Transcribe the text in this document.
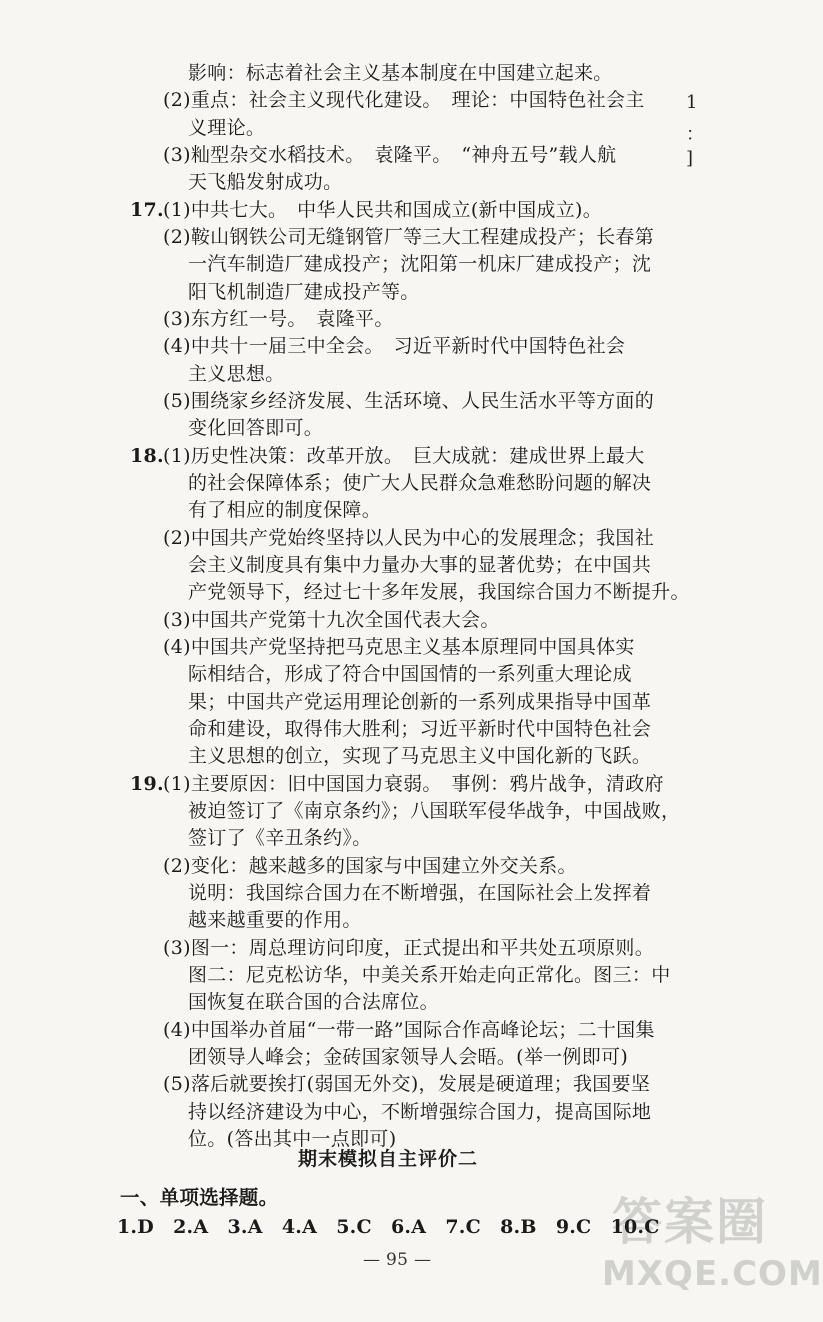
影响：标志着社会主义基本制度在中国建立起来。
(2)重点：社会主义现代化建设。　理论：中国特色社会主
义理论。
(3)籼型杂交水稻技术。　袁隆平。　“神舟五号”载人航
天飞船发射成功。
17. (1)中共七大。　中华人民共和国成立(新中国成立)。
(2)鞍山钢铁公司无缝钢管厂等三大工程建成投产；长春第
一汽车制造厂建成投产；沈阳第一机床厂建成投产；沈
阳飞机制造厂建成投产等。
(3)东方红一号。　袁隆平。
(4)中共十一届三中全会。　习近平新时代中国特色社会
主义思想。
(5)围绕家乡经济发展、生活环境、人民生活水平等方面的
变化回答即可。
18. (1)历史性决策：改革开放。　巨大成就：建成世界上最大
的社会保障体系；使广大人民群众急难愁盼问题的解决
有了相应的制度保障。
(2)中国共产党始终坚持以人民为中心的发展理念；我国社
会主义制度具有集中力量办大事的显著优势；在中国共
产党领导下，经过七十多年发展，我国综合国力不断提升。
(3)中国共产党第十九次全国代表大会。
(4)中国共产党坚持把马克思主义基本原理同中国具体实
际相结合，形成了符合中国国情的一系列重大理论成
果；中国共产党运用理论创新的一系列成果指导中国革
命和建设，取得伟大胜利；习近平新时代中国特色社会
主义思想的创立，实现了马克思主义中国化新的飞跃。
19. (1)主要原因：旧中国国力衰弱。　事例：鸦片战争，清政府
被迫签订了《南京条约》；八国联军侵华战争，中国战败，
签订了《辛丑条约》。
(2)变化：越来越多的国家与中国建立外交关系。
说明：我国综合国力在不断增强，在国际社会上发挥着
越来越重要的作用。
(3)图一：周总理访问印度，正式提出和平共处五项原则。
图二：尼克松访华，中美关系开始走向正常化。图三：中
国恢复在联合国的合法席位。
(4)中国举办首届“一带一路”国际合作高峰论坛；二十国集
团领导人峰会；金砖国家领导人会晤。(举一例即可)
(5)落后就要挨打(弱国无外交)，发展是硬道理；我国要坚
持以经济建设为中心，不断增强综合国力，提高国际地
位。(答出其中一点即可)
期末模拟自主评价二
1
：
]
答案圈
MXQE.COM
一、单项选择题。
1.D　2.A　3.A　4.A　5.C　6.A　7.C　8.B　9.C　10.C
— 95 —
